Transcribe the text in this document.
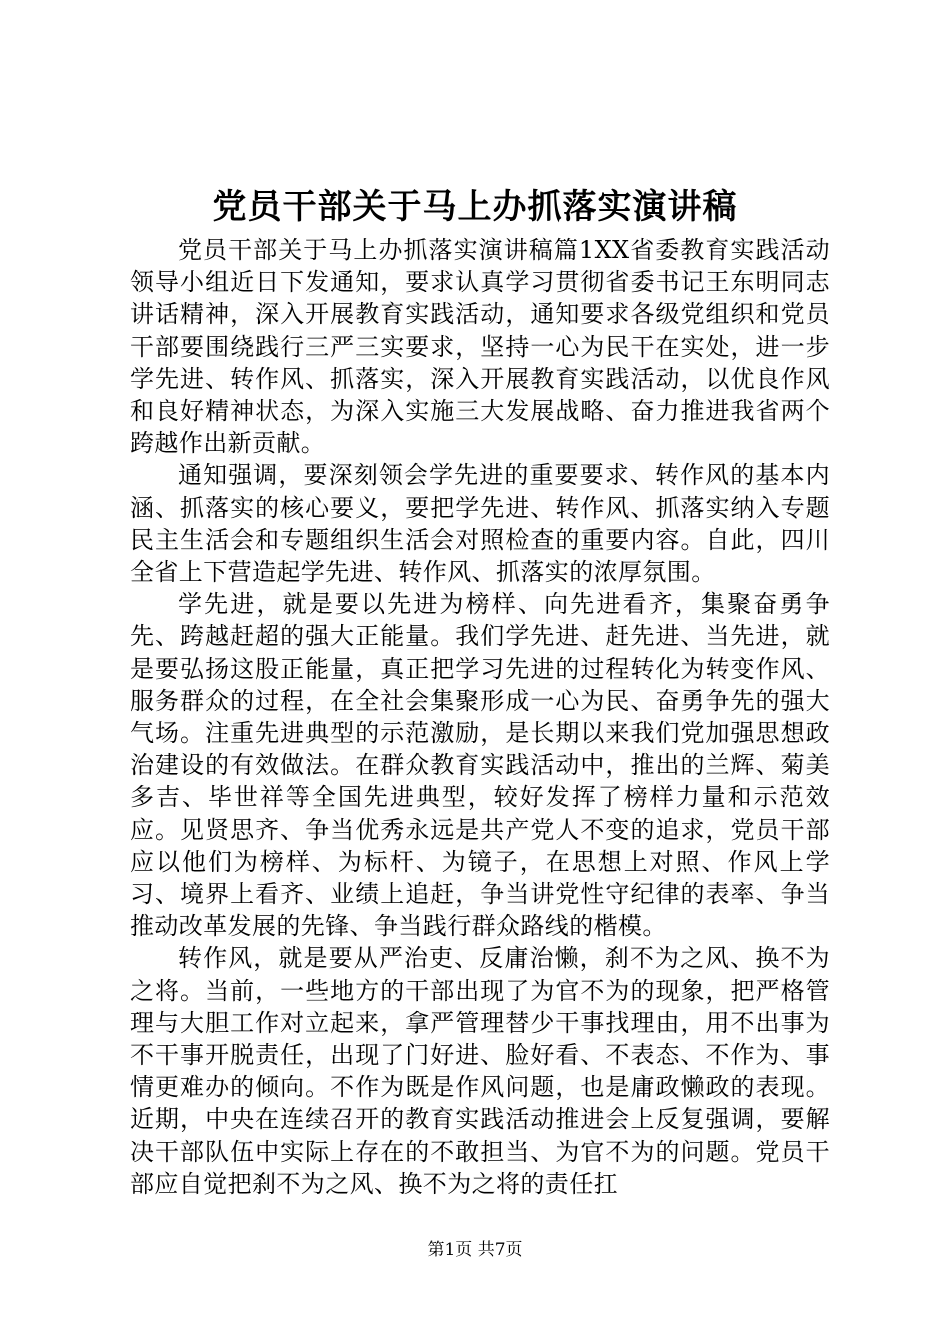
党员干部关于马上办抓落实演讲稿

党员干部关于马上办抓落实演讲稿篇1XX省委教育实践活动领导小组近日下发通知，要求认真学习贯彻省委书记王东明同志讲话精神，深入开展教育实践活动，通知要求各级党组织和党员干部要围绕践行三严三实要求，坚持一心为民干在实处，进一步学先进、转作风、抓落实，深入开展教育实践活动，以优良作风和良好精神状态，为深入实施三大发展战略、奋力推进我省两个跨越作出新贡献。

通知强调，要深刻领会学先进的重要要求、转作风的基本内涵、抓落实的核心要义，要把学先进、转作风、抓落实纳入专题民主生活会和专题组织生活会对照检查的重要内容。自此，四川全省上下营造起学先进、转作风、抓落实的浓厚氛围。

学先进，就是要以先进为榜样、向先进看齐，集聚奋勇争先、跨越赶超的强大正能量。我们学先进、赶先进、当先进，就是要弘扬这股正能量，真正把学习先进的过程转化为转变作风、服务群众的过程，在全社会集聚形成一心为民、奋勇争先的强大气场。注重先进典型的示范激励，是长期以来我们党加强思想政治建设的有效做法。在群众教育实践活动中，推出的兰辉、菊美多吉、毕世祥等全国先进典型，较好发挥了榜样力量和示范效应。见贤思齐、争当优秀永远是共产党人不变的追求，党员干部应以他们为榜样、为标杆、为镜子，在思想上对照、作风上学习、境界上看齐、业绩上追赶，争当讲党性守纪律的表率、争当推动改革发展的先锋、争当践行群众路线的楷模。

转作风，就是要从严治吏、反庸治懒，刹不为之风、换不为之将。当前，一些地方的干部出现了为官不为的现象，把严格管理与大胆工作对立起来，拿严管理替少干事找理由，用不出事为不干事开脱责任，出现了门好进、脸好看、不表态、不作为、事情更难办的倾向。不作为既是作风问题，也是庸政懒政的表现。近期，中央在连续召开的教育实践活动推进会上反复强调，要解决干部队伍中实际上存在的不敢担当、为官不为的问题。党员干部应自觉把刹不为之风、换不为之将的责任扛

第1页 共7页
